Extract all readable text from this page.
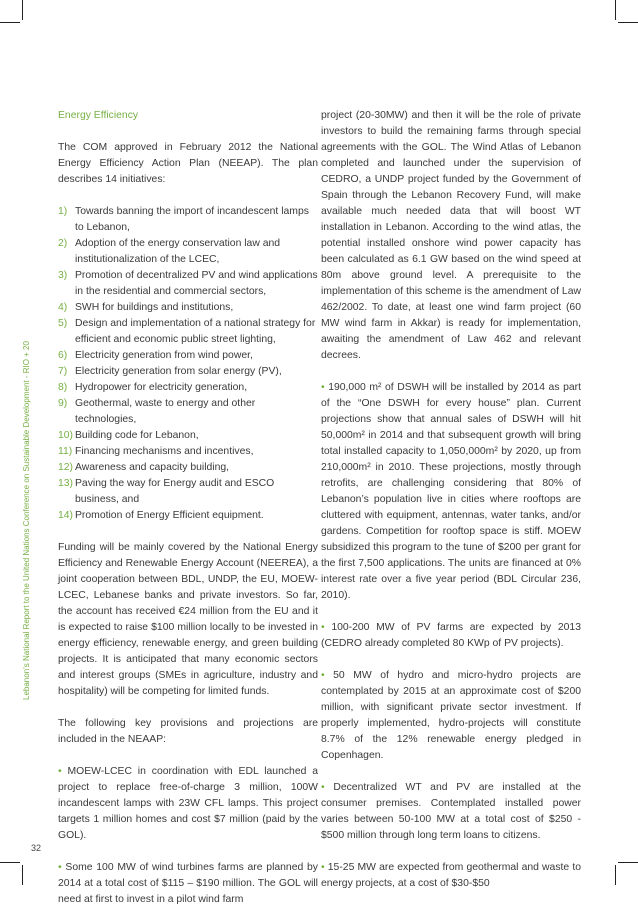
Lebanon’s National Report to the United Nations Conference on Sustainable Development - RIO + 20
32
Energy Efficiency

The COM approved in February 2012 the National Energy Efficiency Action Plan (NEEAP). The plan describes 14 initiatives:

1) Towards banning the import of incandescent lamps to Lebanon,
2) Adoption of the energy conservation law and institutionalization of the LCEC,
3) Promotion of decentralized PV and wind applications in the residential and commercial sectors,
4) SWH for buildings and institutions,
5) Design and implementation of a national strategy for efficient and economic public street lighting,
6) Electricity generation from wind power,
7) Electricity generation from solar energy (PV),
8) Hydropower for electricity generation,
9) Geothermal, waste to energy and other technologies,
10) Building code for Lebanon,
11) Financing mechanisms and incentives,
12) Awareness and capacity building,
13) Paving the way for Energy audit and ESCO business, and
14) Promotion of Energy Efficient equipment.

Funding will be mainly covered by the National Energy Efficiency and Renewable Energy Account (NEEREA), a joint cooperation between BDL, UNDP, the EU, MOEW-LCEC, Lebanese banks and private investors. So far, the account has received €24 million from the EU and it is expected to raise $100 million locally to be invested in energy efficiency, renewable energy, and green building projects. It is anticipated that many economic sectors and interest groups (SMEs in agriculture, industry and hospitality) will be competing for limited funds.

The following key provisions and projections are included in the NEAAP:

• MOEW-LCEC in coordination with EDL launched a project to replace free-of-charge 3 million, 100W incandescent lamps with 23W CFL lamps. This project targets 1 million homes and cost $7 million (paid by the GOL).

• Some 100 MW of wind turbines farms are planned by 2014 at a total cost of $115 – $190 million. The GOL will need at first to invest in a pilot wind farm

project (20-30MW) and then it will be the role of private investors to build the remaining farms through special agreements with the GOL. The Wind Atlas of Lebanon completed and launched under the supervision of CEDRO, a UNDP project funded by the Government of Spain through the Lebanon Recovery Fund, will make available much needed data that will boost WT installation in Lebanon. According to the wind atlas, the potential installed onshore wind power capacity has been calculated as 6.1 GW based on the wind speed at 80m above ground level. A prerequisite to the implementation of this scheme is the amendment of Law 462/2002. To date, at least one wind farm project (60 MW wind farm in Akkar) is ready for implementation, awaiting the amendment of Law 462 and relevant decrees.

• 190,000 m² of DSWH will be installed by 2014 as part of the “One DSWH for every house” plan. Current projections show that annual sales of DSWH will hit 50,000m² in 2014 and that subsequent growth will bring total installed capacity to 1,050,000m² by 2020, up from 210,000m² in 2010. These projections, mostly through retrofits, are challenging considering that 80% of Lebanon’s population live in cities where rooftops are cluttered with equipment, antennas, water tanks, and/or gardens. Competition for rooftop space is stiff. MOEW subsidized this program to the tune of $200 per grant for the first 7,500 applications. The units are financed at 0% interest rate over a five year period (BDL Circular 236, 2010).

• 100-200 MW of PV farms are expected by 2013 (CEDRO already completed 80 KWp of PV projects).

• 50 MW of hydro and micro-hydro projects are contemplated by 2015 at an approximate cost of $200 million, with significant private sector investment. If properly implemented, hydro-projects will constitute 8.7% of the 12% renewable energy pledged in Copenhagen.

• Decentralized WT and PV are installed at the consumer premises. Contemplated installed power varies between 50-100 MW at a total cost of $250 - $500 million through long term loans to citizens.

• 15-25 MW are expected from geothermal and waste to energy projects, at a cost of $30-$50
